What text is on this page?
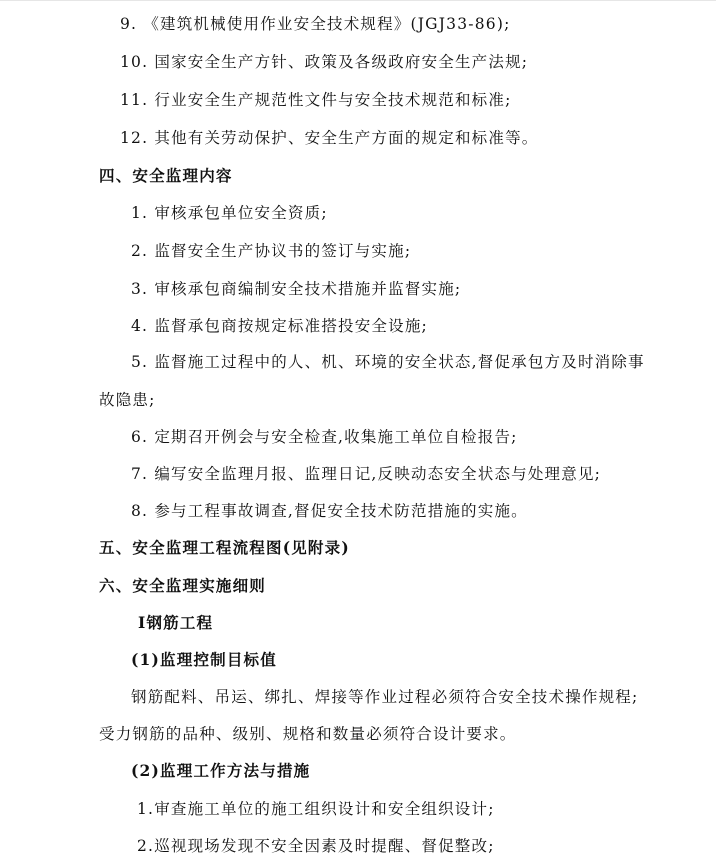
9. 《建筑机械使用作业安全技术规程》(JGJ33-86);
10. 国家安全生产方针、政策及各级政府安全生产法规;
11. 行业安全生产规范性文件与安全技术规范和标准;
12. 其他有关劳动保护、安全生产方面的规定和标准等。
四、安全监理内容
1. 审核承包单位安全资质;
2. 监督安全生产协议书的签订与实施;
3. 审核承包商编制安全技术措施并监督实施;
4. 监督承包商按规定标准搭投安全设施;
5. 监督施工过程中的人、机、环境的安全状态,督促承包方及时消除事
故隐患;
6. 定期召开例会与安全检查,收集施工单位自检报告;
7. 编写安全监理月报、监理日记,反映动态安全状态与处理意见;
8. 参与工程事故调查,督促安全技术防范措施的实施。
五、安全监理工程流程图(见附录)
六、安全监理实施细则
Ⅰ钢筋工程
(1)监理控制目标值
钢筋配料、吊运、绑扎、焊接等作业过程必须符合安全技术操作规程;
受力钢筋的品种、级别、规格和数量必须符合设计要求。
(2)监理工作方法与措施
1.审查施工单位的施工组织设计和安全组织设计;
2.巡视现场发现不安全因素及时提醒、督促整改;
